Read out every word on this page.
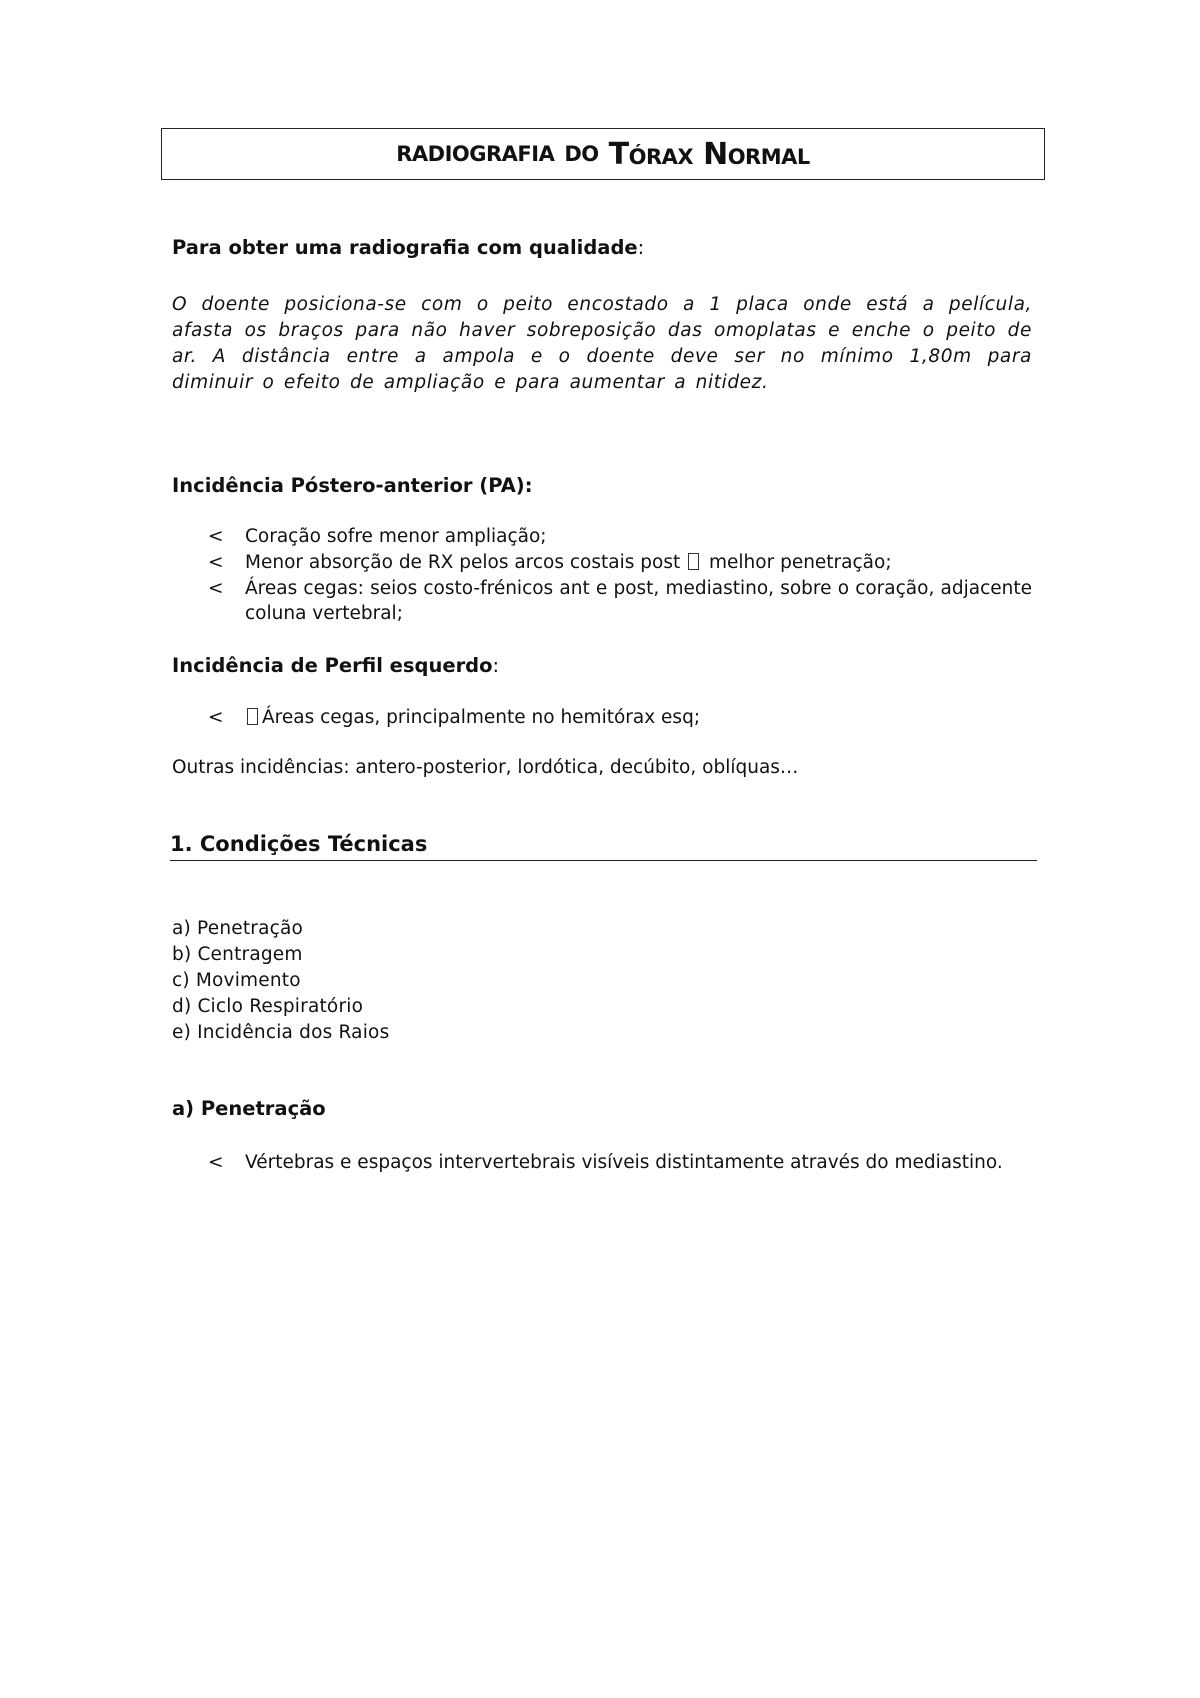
RADIOGRAFIA DO TÓRAX NORMAL
Para obter uma radiografia com qualidade:
O doente posiciona-se com o peito encostado a 1 placa onde está a película, afasta os braços para não haver sobreposição das omoplatas e enche o peito de ar. A distância entre a ampola e o doente deve ser no mínimo 1,80m para diminuir o efeito de ampliação e para aumentar a nitidez.
Incidência Póstero-anterior (PA):
<	Coração sofre menor ampliação;
<	Menor absorção de RX pelos arcos costais post melhor penetração;
<	Áreas cegas: seios costo-frénicos ant e post, mediastino, sobre o coração, adjacente coluna vertebral;
Incidência de Perfil esquerdo:
<	Áreas cegas, principalmente no hemitórax esq;
Outras incidências: antero-posterior, lordótica, decúbito, oblíquas…
1. Condições Técnicas
a) Penetração
b) Centragem
c) Movimento
d) Ciclo Respiratório
e) Incidência dos Raios
a) Penetração
<	Vértebras e espaços intervertebrais visíveis distintamente através do mediastino.
